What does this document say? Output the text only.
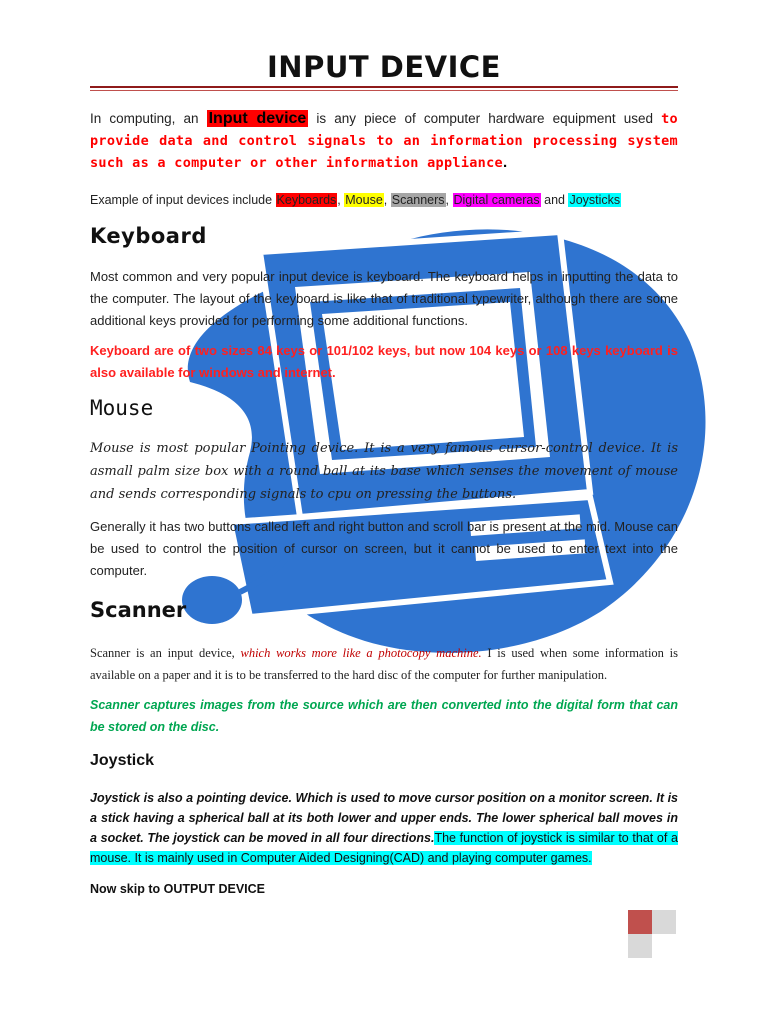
INPUT DEVICE
In computing, an Input device is any piece of computer hardware equipment used to provide data and control signals to an information processing system such as a computer or other information appliance.
Example of input devices include Keyboards, Mouse, Scanners, Digital cameras and Joysticks
Keyboard
Most common and very popular input device is keyboard. The keyboard helps in inputting the data to the computer. The layout of the keyboard is like that of traditional typewriter, although there are some additional keys provided for performing some additional functions.
Keyboard are of two sizes 84 keys or 101/102 keys, but now 104 keys or 108 keys keyboard is also available for windows and internet.
Mouse
Mouse is most popular Pointing device. It is a very famous cursor-control device. It is asmall palm size box with a round ball at its base which senses the movement of mouse and sends corresponding signals to cpu on pressing the buttons.
Generally it has two buttons called left and right button and scroll bar is present at the mid. Mouse can be used to control the position of cursor on screen, but it cannot be used to enter text into the computer.
Scanner
Scanner is an input device, which works more like a photocopy machine. I is used when some information is available on a paper and it is to be transferred to the hard disc of the computer for further manipulation.
Scanner captures images from the source which are then converted into the digital form that can be stored on the disc.
Joystick
Joystick is also a pointing device. Which is used to move cursor position on a monitor screen. It is a stick having a spherical ball at its both lower and upper ends. The lower spherical ball moves in a socket. The joystick can be moved in all four directions.The function of joystick is similar to that of a mouse. It is mainly used in Computer Aided Designing(CAD) and playing computer games.
Now skip to OUTPUT DEVICE
